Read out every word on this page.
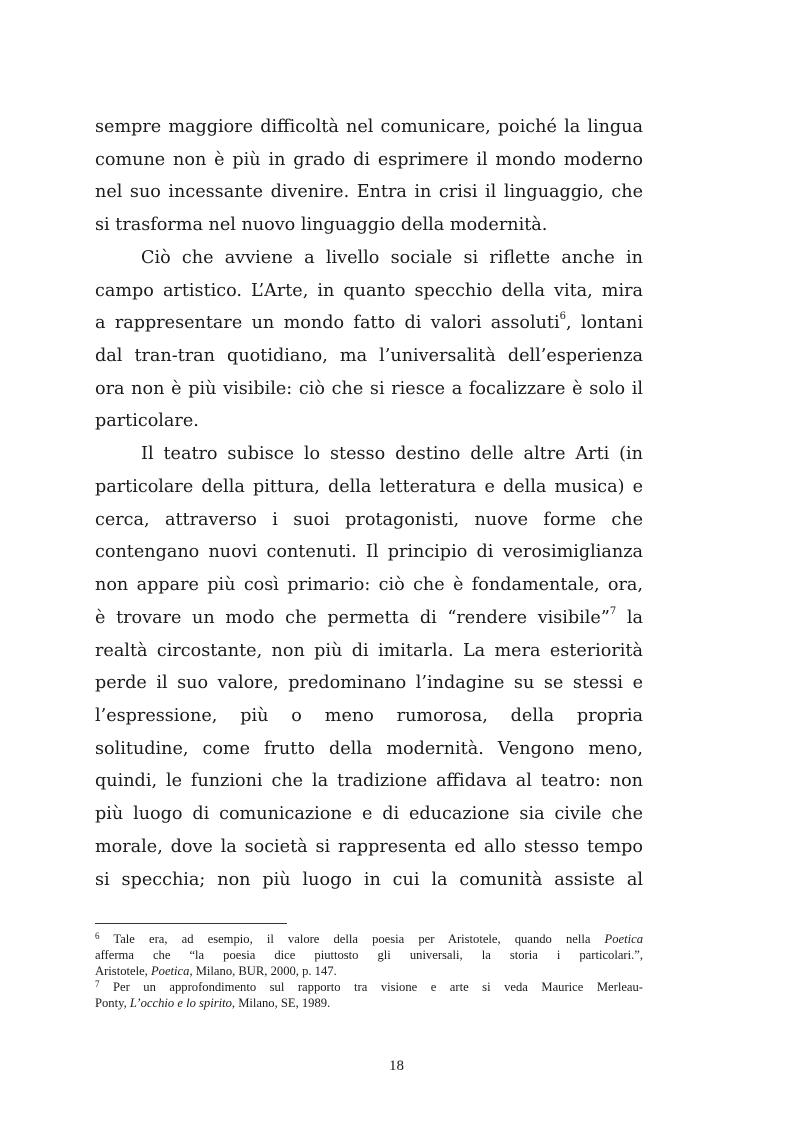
sempre maggiore difficoltà nel comunicare, poiché la lingua
comune non è più in grado di esprimere il mondo moderno
nel suo incessante divenire. Entra in crisi il linguaggio, che
si trasforma nel nuovo linguaggio della modernità.
Ciò che avviene a livello sociale si riflette anche in
campo artistico. L’Arte, in quanto specchio della vita, mira
a rappresentare un mondo fatto di valori assoluti$^6$, lontani
dal tran-tran quotidiano, ma l’universalità dell’esperienza
ora non è più visibile: ciò che si riesce a focalizzare è solo il
particolare.
Il teatro subisce lo stesso destino delle altre Arti (in
particolare della pittura, della letteratura e della musica) e
cerca, attraverso i suoi protagonisti, nuove forme che
contengano nuovi contenuti. Il principio di verosimiglianza
non appare più così primario: ciò che è fondamentale, ora,
è trovare un modo che permetta di “rendere visibile”$^7$ la
realtà circostante, non più di imitarla. La mera esteriorità
perde il suo valore, predominano l’indagine su se stessi e
l’espressione, più o meno rumorosa, della propria
solitudine, come frutto della modernità. Vengono meno,
quindi, le funzioni che la tradizione affidava al teatro: non
più luogo di comunicazione e di educazione sia civile che
morale, dove la società si rappresenta ed allo stesso tempo
si specchia; non più luogo in cui la comunità assiste al
$^6$ Tale era, ad esempio, il valore della poesia per Aristotele, quando nella Poetica
afferma che “la poesia dice piuttosto gli universali, la storia i particolari.”,
Aristotele, Poetica, Milano, BUR, 2000, p. 147.
$^7$ Per un approfondimento sul rapporto tra visione e arte si veda Maurice Merleau-
Ponty, L’occhio e lo spirito, Milano, SE, 1989.
18
